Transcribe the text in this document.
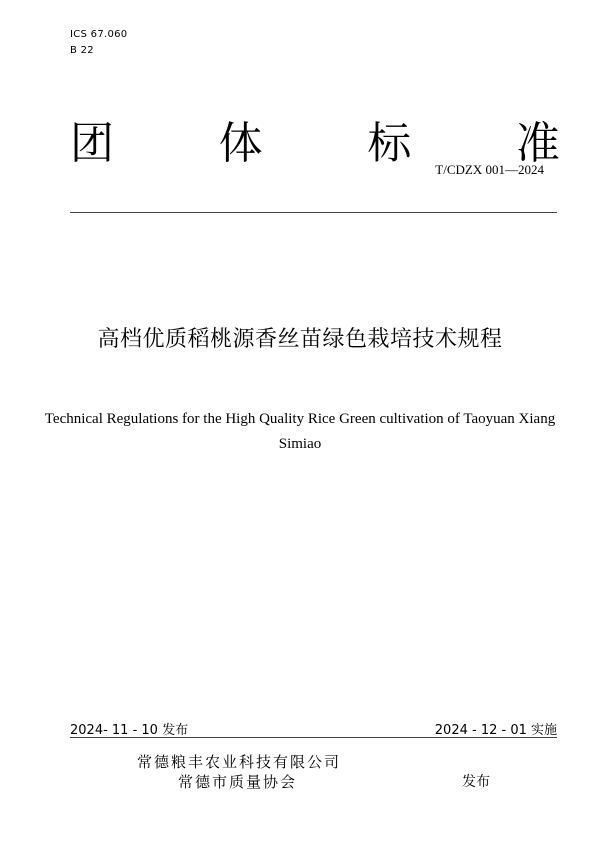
ICS 67.060
B 22
团 体 标 准
T/CDZX 001—2024
高档优质稻桃源香丝苗绿色栽培技术规程
Technical Regulations for the High Quality Rice Green cultivation of Taoyuan Xiang
Simiao
2024- 11 - 10 发布	2024 - 12 - 01 实施
常德粮丰农业科技有限公司
常德市质量协会	发布
